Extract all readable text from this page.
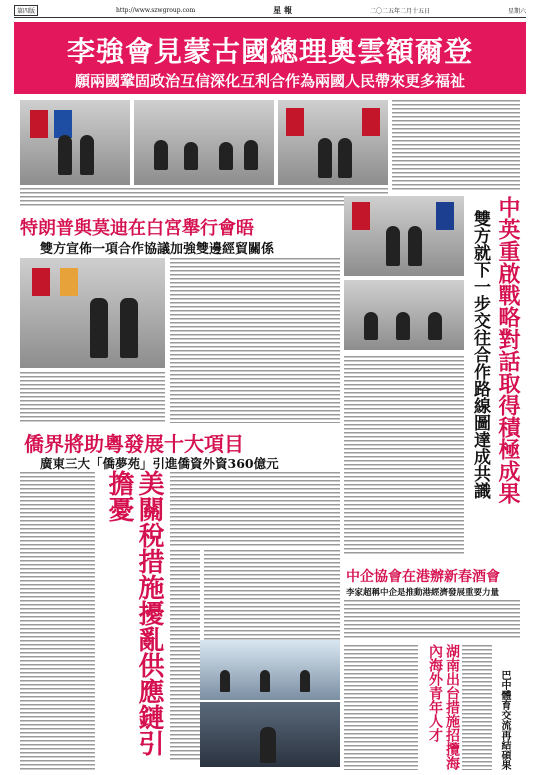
第四版	http://www.szwgroup.com	星 報	二〇二五年二月十五日	星期六
李強會見蒙古國總理奧雲額爾登
願兩國鞏固政治互信深化互利合作為兩國人民帶來更多福祉
特朗普與莫迪在白宮舉行會晤
雙方宣佈一項合作協議加強雙邊經貿關係	中英重啟戰略對話取得積極成果
雙方就下一步交往合作路線圖達成共識
僑界將助粵發展十大項目
廣東三大「僑夢苑」引進僑資外資360億元
美關稅措施擾亂供應鏈引擔憂
中企協會在港辦新春酒會
李家超稱中企是推動港經濟發展重要力量
湖南出台措施招攬海內海外青年人才	巴中體育交流再結碩果
